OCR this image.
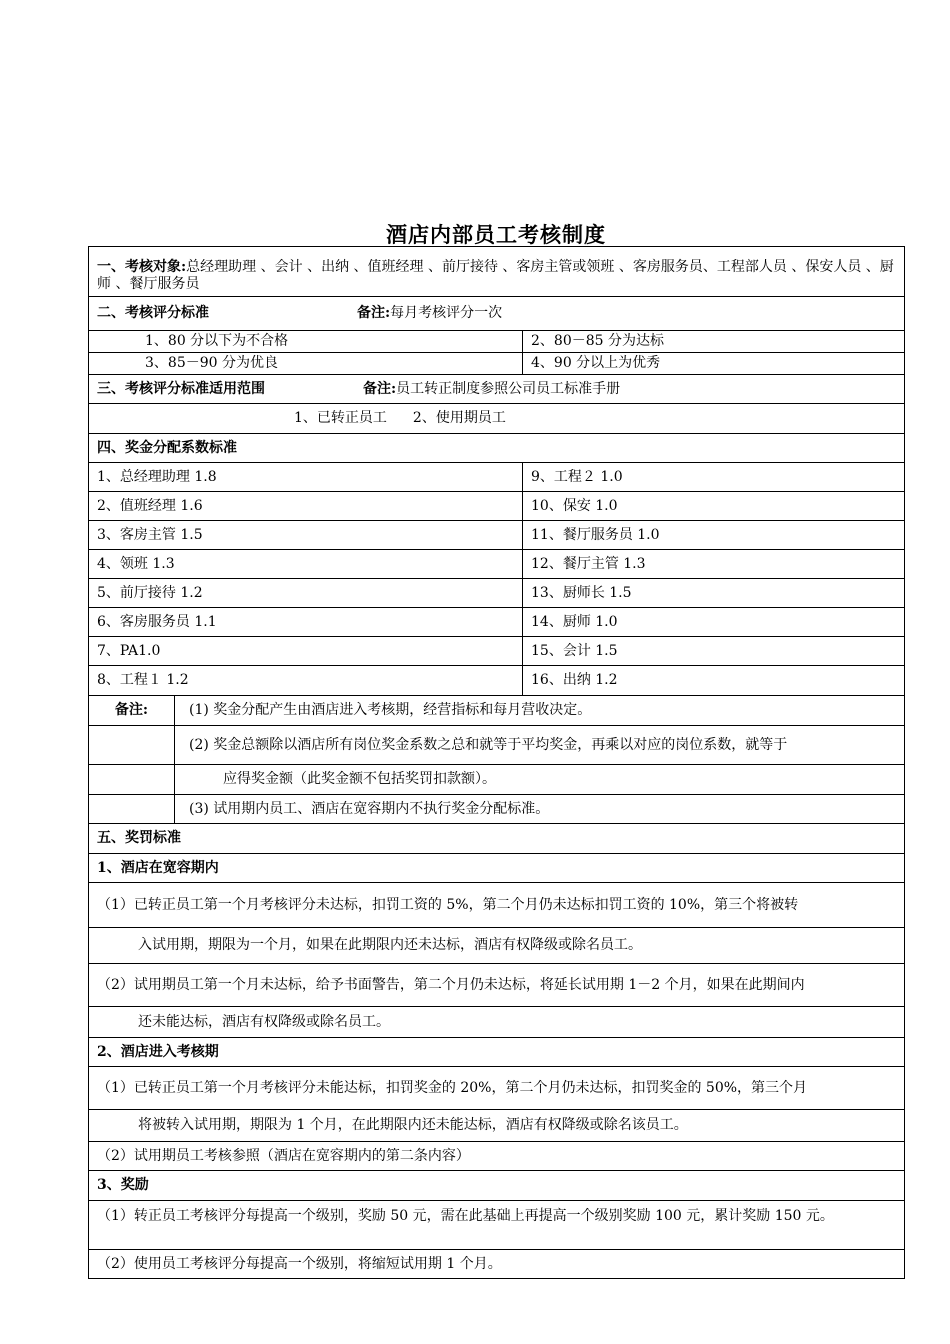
酒店内部员工考核制度
一、考核对象:总经理助理 、会计 、出纳 、值班经理 、前厅接待 、客房主管或领班 、客房服务员、工程部人员 、保安人员 、厨师 、餐厅服务员
二、考核评分标准	备注: 每月考核评分一次
1、80 分以下为不合格	2、80－85 分为达标
3、85－90 分为优良	4、90 分以上为优秀
三、考核评分标准适用范围	备注: 员工转正制度参照公司员工标准手册
1、已转正员工 2、使用期员工
四、奖金分配系数标准
1、总经理助理 1.8	9、工程２ 1.0
2、值班经理 1.6	10、保安 1.0
3、客房主管 1.5	11、餐厅服务员 1.0
4、领班 1.3	12、餐厅主管 1.3
5、前厅接待 1.2	13、厨师长 1.5
6、客房服务员 1.1	14、厨师 1.0
7、PA1.0	15、会计 1.5
8、工程１ 1.2	16、出纳 1.2
备注:	(1) 奖金分配产生由酒店进入考核期，经营指标和每月营收决定。
(2) 奖金总额除以酒店所有岗位奖金系数之总和就等于平均奖金，再乘以对应的岗位系数，就等于
应得奖金额（此奖金额不包括奖罚扣款额）。
(3) 试用期内员工、酒店在宽容期内不执行奖金分配标准。
五、奖罚标准
1、酒店在宽容期内
（1）已转正员工第一个月考核评分未达标，扣罚工资的 5%，第二个月仍未达标扣罚工资的 10%，第三个将被转
入试用期，期限为一个月，如果在此期限内还未达标，酒店有权降级或除名员工。
（2）试用期员工第一个月未达标，给予书面警告，第二个月仍未达标，将延长试用期 1－2 个月，如果在此期间内
还未能达标，酒店有权降级或除名员工。
2、酒店进入考核期
（1）已转正员工第一个月考核评分未能达标，扣罚奖金的 20%，第二个月仍未达标，扣罚奖金的 50%，第三个月
将被转入试用期，期限为 1 个月，在此期限内还未能达标，酒店有权降级或除名该员工。
（2）试用期员工考核参照（酒店在宽容期内的第二条内容）
3、奖励
（1）转正员工考核评分每提高一个级别，奖励 50 元，需在此基础上再提高一个级别奖励 100 元，累计奖励 150 元。
（2）使用员工考核评分每提高一个级别，将缩短试用期 1 个月。
